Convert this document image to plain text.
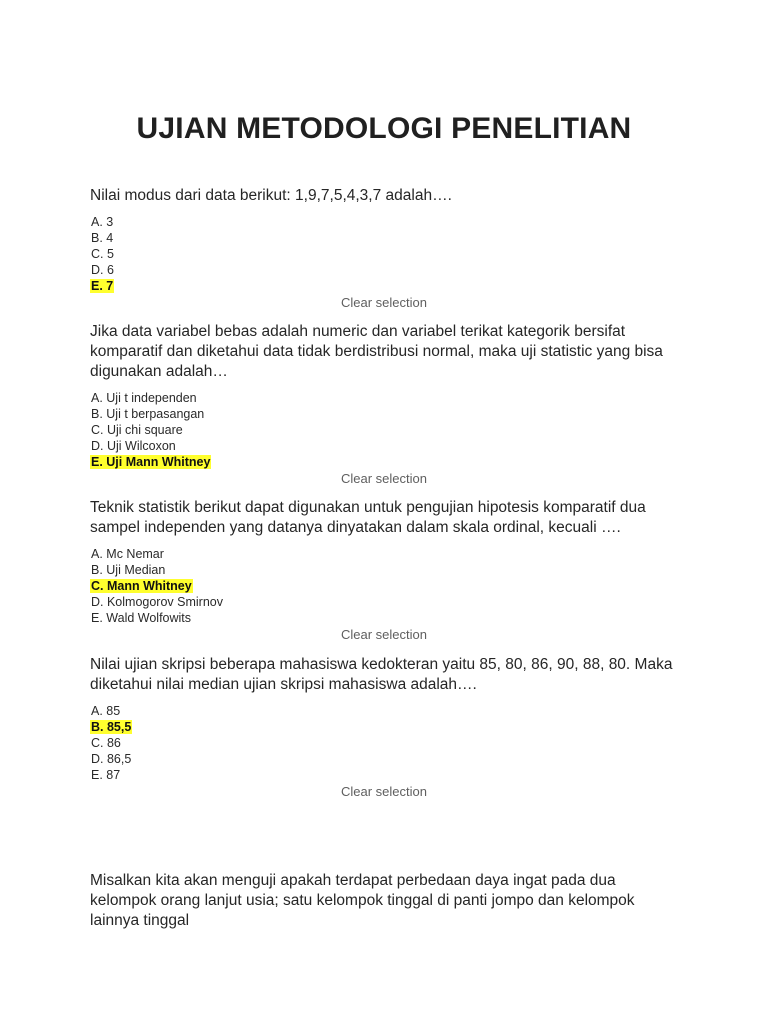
UJIAN METODOLOGI PENELITIAN

Nilai modus dari data berikut: 1,9,7,5,4,3,7 adalah….

A. 3
B. 4
C. 5
D. 6
E. 7
Clear selection

Jika data variabel bebas adalah numeric dan variabel terikat kategorik bersifat komparatif dan diketahui data tidak berdistribusi normal, maka uji statistic yang bisa digunakan adalah…

A. Uji t independen
B. Uji t berpasangan
C. Uji chi square
D. Uji Wilcoxon
E. Uji Mann Whitney
Clear selection

Teknik statistik berikut dapat digunakan untuk pengujian hipotesis komparatif dua sampel independen yang datanya dinyatakan dalam skala ordinal, kecuali ….

A. Mc Nemar
B. Uji Median
C. Mann Whitney
D. Kolmogorov Smirnov
E. Wald Wolfowits
Clear selection

Nilai ujian skripsi beberapa mahasiswa kedokteran yaitu 85, 80, 86, 90, 88, 80. Maka diketahui nilai median ujian skripsi mahasiswa adalah….

A. 85
B. 85,5
C. 86
D. 86,5
E. 87
Clear selection

Misalkan kita akan menguji apakah terdapat perbedaan daya ingat pada dua kelompok orang lanjut usia; satu kelompok tinggal di panti jompo dan kelompok lainnya tinggal
